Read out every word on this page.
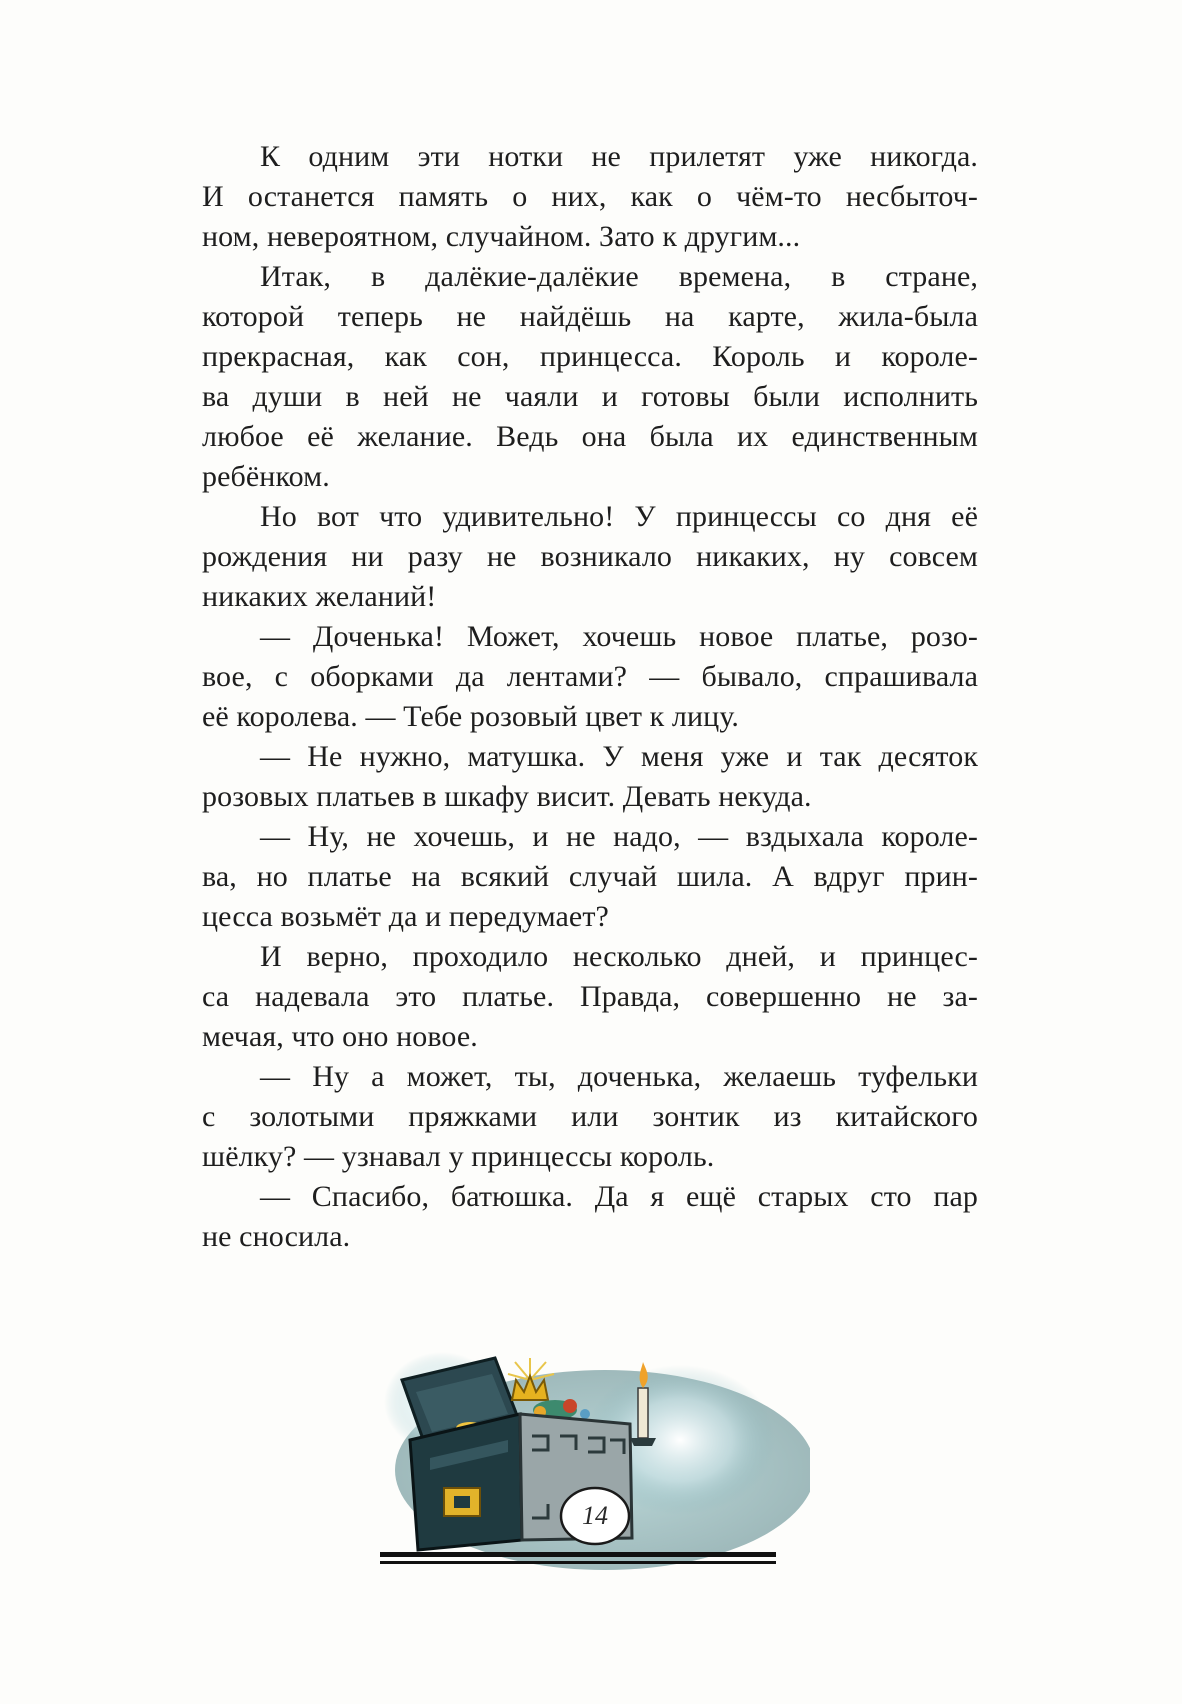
К одним эти нотки не прилетят уже никогда.
И останется память о них, как о чём-то несбыточ-
ном, невероятном, случайном. Зато к другим...
Итак, в далёкие-далёкие времена, в стране,
которой теперь не найдёшь на карте, жила-была
прекрасная, как сон, принцесса. Король и короле-
ва души в ней не чаяли и готовы были исполнить
любое её желание. Ведь она была их единственным
ребёнком.
Но вот что удивительно! У принцессы со дня её
рождения ни разу не возникало никаких, ну совсем
никаких желаний!
— Доченька! Может, хочешь новое платье, розо-
вое, с оборками да лентами? — бывало, спрашивала
её королева. — Тебе розовый цвет к лицу.
— Не нужно, матушка. У меня уже и так десяток
розовых платьев в шкафу висит. Девать некуда.
— Ну, не хочешь, и не надо, — вздыхала короле-
ва, но платье на всякий случай шила. А вдруг прин-
цесса возьмёт да и передумает?
И верно, проходило несколько дней, и принцес-
са надевала это платье. Правда, совершенно не за-
мечая, что оно новое.
— Ну а может, ты, доченька, желаешь туфельки
с золотыми пряжками или зонтик из китайского
шёлку? — узнавал у принцессы король.
— Спасибо, батюшка. Да я ещё старых сто пар
не сносила.
14
